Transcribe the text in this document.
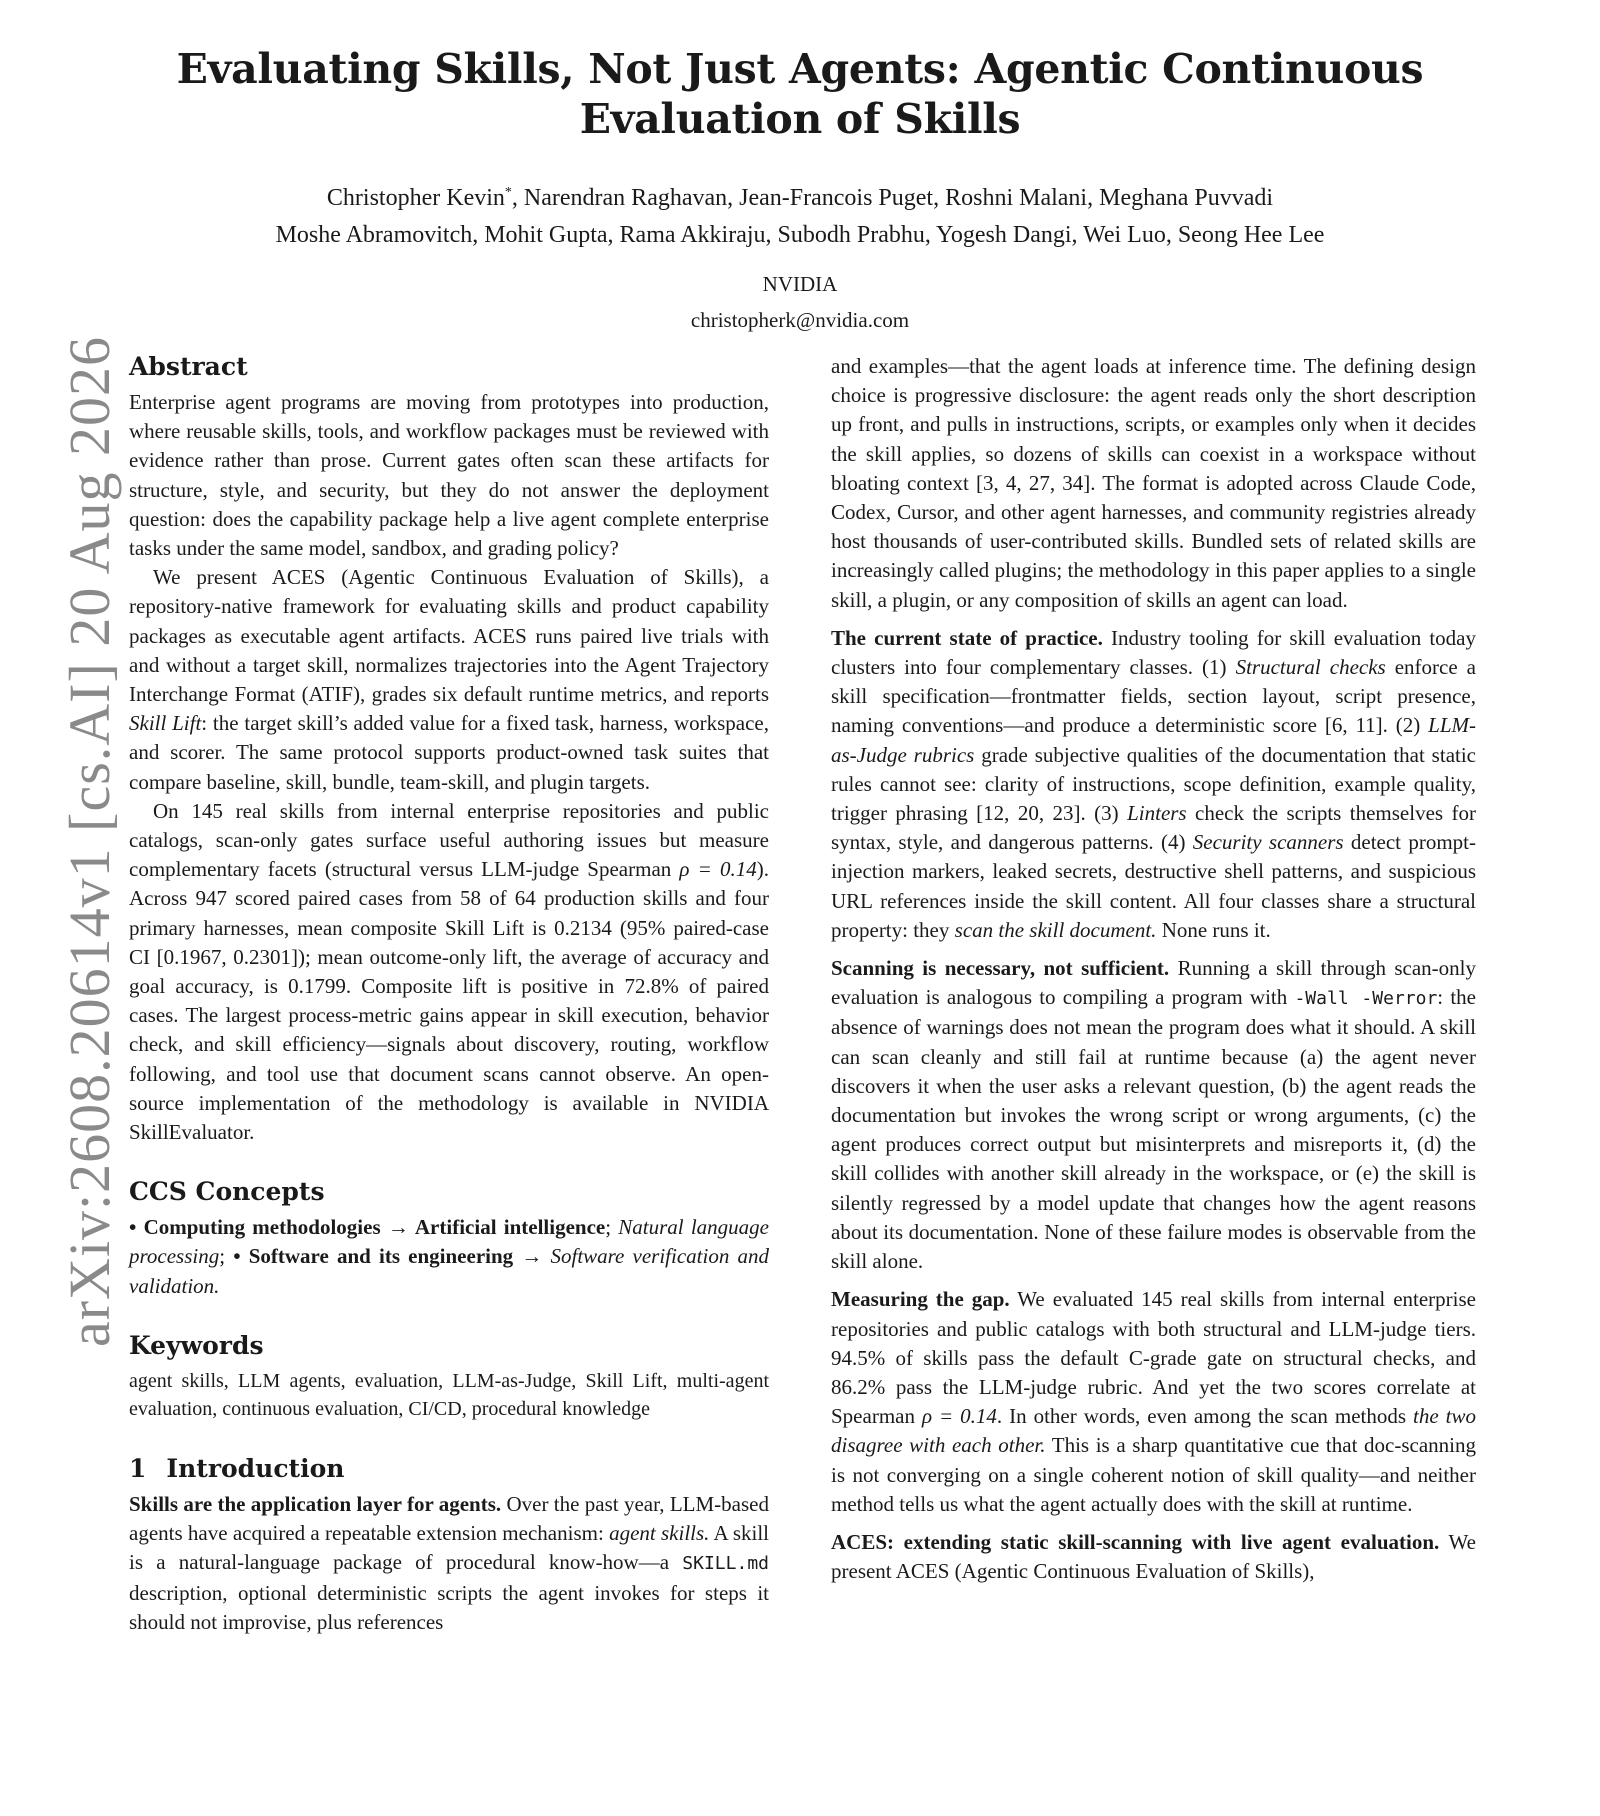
Evaluating Skills, Not Just Agents: Agentic Continuous Evaluation of Skills
Christopher Kevin*, Narendran Raghavan, Jean-Francois Puget, Roshni Malani, Meghana Puvvadi
Moshe Abramovitch, Mohit Gupta, Rama Akkiraju, Subodh Prabhu, Yogesh Dangi, Wei Luo, Seong Hee Lee
NVIDIA
christopherk@nvidia.com
arXiv:2608.20614v1 [cs.AI] 20 Aug 2026 Abstract

Enterprise agent programs are moving from prototypes into production, where reusable skills, tools, and workflow packages must be reviewed with evidence rather than prose. Current gates often scan these artifacts for structure, style, and security, but they do not answer the deployment question: does the capability package help a live agent complete enterprise tasks under the same model, sandbox, and grading policy?

We present ACES (Agentic Continuous Evaluation of Skills), a repository-native framework for evaluating skills and product capability packages as executable agent artifacts. ACES runs paired live trials with and without a target skill, normalizes trajectories into the Agent Trajectory Interchange Format (ATIF), grades six default runtime metrics, and reports Skill Lift: the target skill’s added value for a fixed task, harness, workspace, and scorer. The same protocol supports product-owned task suites that compare baseline, skill, bundle, team-skill, and plugin targets.

On 145 real skills from internal enterprise repositories and public catalogs, scan-only gates surface useful authoring issues but measure complementary facets (structural versus LLM-judge Spearman ρ = 0.14). Across 947 scored paired cases from 58 of 64 production skills and four primary harnesses, mean composite Skill Lift is 0.2134 (95% paired-case CI [0.1967, 0.2301]); mean outcome-only lift, the average of accuracy and goal accuracy, is 0.1799. Composite lift is positive in 72.8% of paired cases. The largest process-metric gains appear in skill execution, behavior check, and skill efficiency—signals about discovery, routing, workflow following, and tool use that document scans cannot observe. An open-source implementation of the methodology is available in NVIDIA SkillEvaluator.

CCS Concepts

• Computing methodologies → Artificial intelligence; Natural language processing; • Software and its engineering → Software verification and validation.

Keywords

agent skills, LLM agents, evaluation, LLM-as-Judge, Skill Lift, multi-agent evaluation, continuous evaluation, CI/CD, procedural knowledge

1 Introduction

Skills are the application layer for agents. Over the past year, LLM-based agents have acquired a repeatable extension mechanism: agent skills. A skill is a natural-language package of procedural know-how—a SKILL.md description, optional deterministic scripts the agent invokes for steps it should not improvise, plus references

and examples—that the agent loads at inference time. The defining design choice is progressive disclosure: the agent reads only the short description up front, and pulls in instructions, scripts, or examples only when it decides the skill applies, so dozens of skills can coexist in a workspace without bloating context [3, 4, 27, 34]. The format is adopted across Claude Code, Codex, Cursor, and other agent harnesses, and community registries already host thousands of user-contributed skills. Bundled sets of related skills are increasingly called plugins; the methodology in this paper applies to a single skill, a plugin, or any composition of skills an agent can load.

The current state of practice. Industry tooling for skill evaluation today clusters into four complementary classes. (1) Structural checks enforce a skill specification—frontmatter fields, section layout, script presence, naming conventions—and produce a deterministic score [6, 11]. (2) LLM-as-Judge rubrics grade subjective qualities of the documentation that static rules cannot see: clarity of instructions, scope definition, example quality, trigger phrasing [12, 20, 23]. (3) Linters check the scripts themselves for syntax, style, and dangerous patterns. (4) Security scanners detect prompt-injection markers, leaked secrets, destructive shell patterns, and suspicious URL references inside the skill content. All four classes share a structural property: they scan the skill document. None runs it.

Scanning is necessary, not sufficient. Running a skill through scan-only evaluation is analogous to compiling a program with -Wall -Werror: the absence of warnings does not mean the program does what it should. A skill can scan cleanly and still fail at runtime because (a) the agent never discovers it when the user asks a relevant question, (b) the agent reads the documentation but invokes the wrong script or wrong arguments, (c) the agent produces correct output but misinterprets and misreports it, (d) the skill collides with another skill already in the workspace, or (e) the skill is silently regressed by a model update that changes how the agent reasons about its documentation. None of these failure modes is observable from the skill alone.

Measuring the gap. We evaluated 145 real skills from internal enterprise repositories and public catalogs with both structural and LLM-judge tiers. 94.5% of skills pass the default C-grade gate on structural checks, and 86.2% pass the LLM-judge rubric. And yet the two scores correlate at Spearman ρ = 0.14. In other words, even among the scan methods the two disagree with each other. This is a sharp quantitative cue that doc-scanning is not converging on a single coherent notion of skill quality—and neither method tells us what the agent actually does with the skill at runtime.

ACES: extending static skill-scanning with live agent evaluation. We present ACES (Agentic Continuous Evaluation of Skills),
